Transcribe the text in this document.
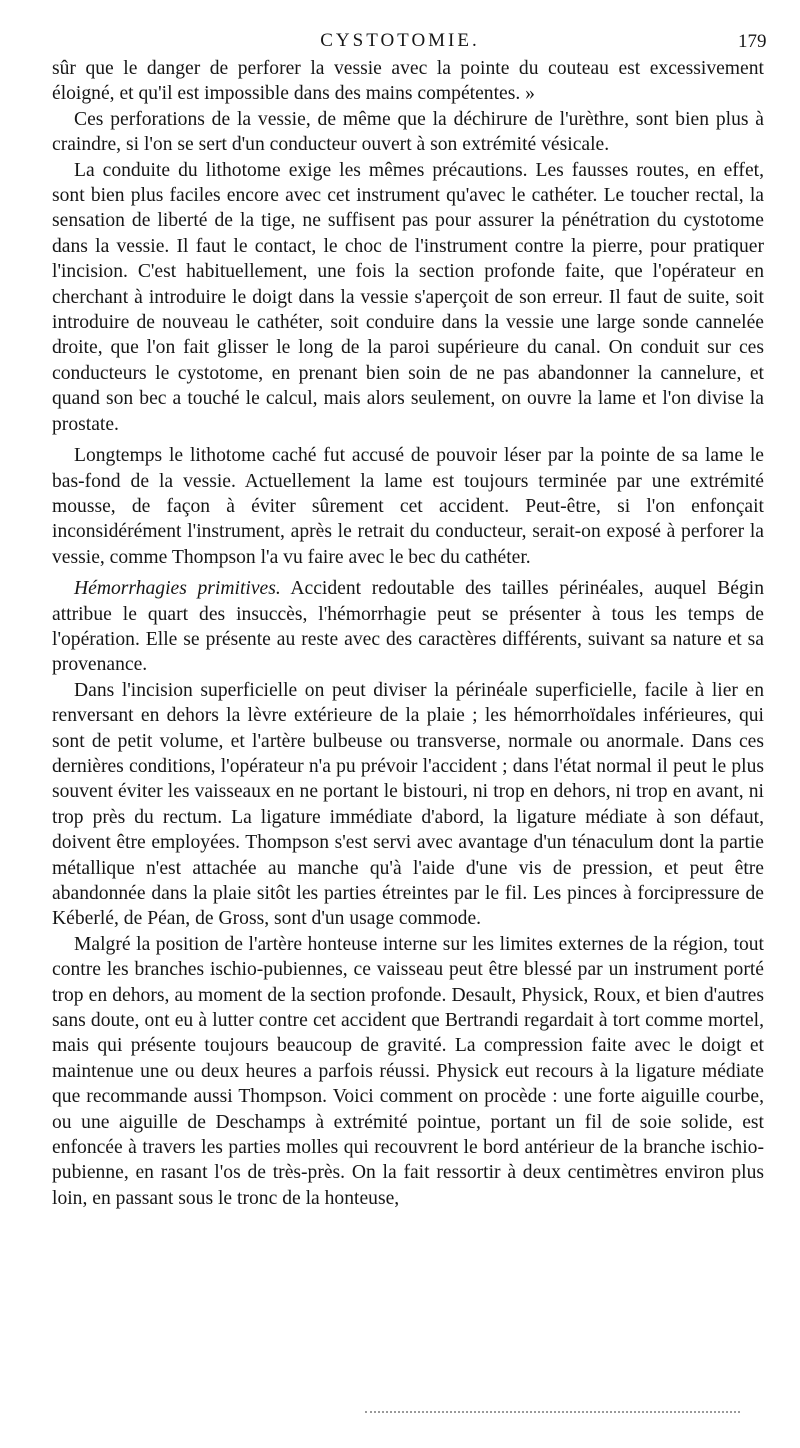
CYSTOTOMIE.	179

sûr que le danger de perforer la vessie avec la pointe du couteau est excessivement éloigné, et qu'il est impossible dans des mains compétentes. »

Ces perforations de la vessie, de même que la déchirure de l'urèthre, sont bien plus à craindre, si l'on se sert d'un conducteur ouvert à son extrémité vésicale.

La conduite du lithotome exige les mêmes précautions. Les fausses routes, en effet, sont bien plus faciles encore avec cet instrument qu'avec le cathéter. Le toucher rectal, la sensation de liberté de la tige, ne suffisent pas pour assurer la pénétration du cystotome dans la vessie. Il faut le contact, le choc de l'instrument contre la pierre, pour pratiquer l'incision. C'est habituellement, une fois la section profonde faite, que l'opérateur en cherchant à introduire le doigt dans la vessie s'aperçoit de son erreur. Il faut de suite, soit introduire de nouveau le cathéter, soit conduire dans la vessie une large sonde cannelée droite, que l'on fait glisser le long de la paroi supérieure du canal. On conduit sur ces conducteurs le cystotome, en prenant bien soin de ne pas abandonner la cannelure, et quand son bec a touché le calcul, mais alors seulement, on ouvre la lame et l'on divise la prostate.

Longtemps le lithotome caché fut accusé de pouvoir léser par la pointe de sa lame le bas-fond de la vessie. Actuellement la lame est toujours terminée par une extrémité mousse, de façon à éviter sûrement cet accident. Peut-être, si l'on enfonçait inconsidérément l'instrument, après le retrait du conducteur, serait-on exposé à perforer la vessie, comme Thompson l'a vu faire avec le bec du cathéter.

Hémorrhagies primitives. Accident redoutable des tailles périnéales, auquel Bégin attribue le quart des insuccès, l'hémorrhagie peut se présenter à tous les temps de l'opération. Elle se présente au reste avec des caractères différents, suivant sa nature et sa provenance.

Dans l'incision superficielle on peut diviser la périnéale superficielle, facile à lier en renversant en dehors la lèvre extérieure de la plaie ; les hémorrhoïdales inférieures, qui sont de petit volume, et l'artère bulbeuse ou transverse, normale ou anormale. Dans ces dernières conditions, l'opérateur n'a pu prévoir l'accident ; dans l'état normal il peut le plus souvent éviter les vaisseaux en ne portant le bistouri, ni trop en dehors, ni trop en avant, ni trop près du rectum. La ligature immédiate d'abord, la ligature médiate à son défaut, doivent être employées. Thompson s'est servi avec avantage d'un ténaculum dont la partie métallique n'est attachée au manche qu'à l'aide d'une vis de pression, et peut être abandonnée dans la plaie sitôt les parties étreintes par le fil. Les pinces à forcipressure de Kéberlé, de Péan, de Gross, sont d'un usage commode.

Malgré la position de l'artère honteuse interne sur les limites externes de la région, tout contre les branches ischio-pubiennes, ce vaisseau peut être blessé par un instrument porté trop en dehors, au moment de la section profonde. Desault, Physick, Roux, et bien d'autres sans doute, ont eu à lutter contre cet accident que Bertrandi regardait à tort comme mortel, mais qui présente toujours beaucoup de gravité. La compression faite avec le doigt et maintenue une ou deux heures a parfois réussi. Physick eut recours à la ligature médiate que recommande aussi Thompson. Voici comment on procède : une forte aiguille courbe, ou une aiguille de Deschamps à extrémité pointue, portant un fil de soie solide, est enfoncée à travers les parties molles qui recouvrent le bord antérieur de la branche ischio-pubienne, en rasant l'os de très-près. On la fait ressortir à deux centimètres environ plus loin, en passant sous le tronc de la honteuse,
